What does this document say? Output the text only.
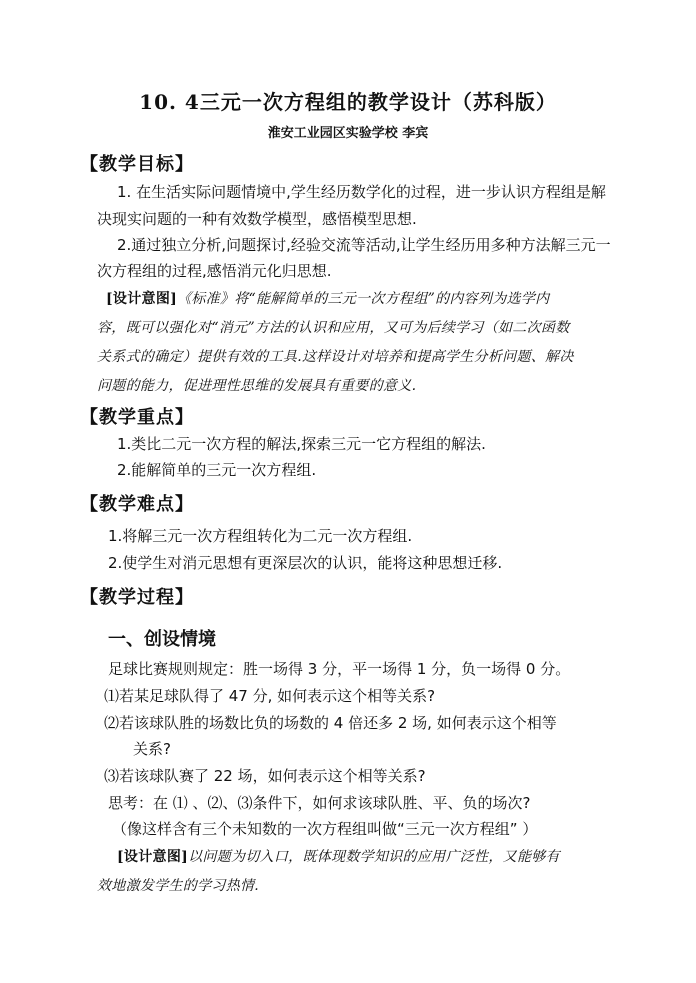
10. 4三元一次方程组的教学设计（苏科版）
淮安工业园区实验学校 李宾
【教学目标】
1. 在生活实际问题情境中,学生经历数学化的过程，进一步认识方程组是解
决现实问题的一种有效数学模型，感悟模型思想.
2.通过独立分析,问题探讨,经验交流等活动,让学生经历用多种方法解三元一
次方程组的过程,感悟消元化归思想.
[设计意图]《标准》将“能解简单的三元一次方程组”的内容列为选学内
容，既可以强化对“消元”方法的认识和应用，又可为后续学习（如二次函数
关系式的确定）提供有效的工具.这样设计对培养和提高学生分析问题、解决
问题的能力，促进理性思维的发展具有重要的意义.
【教学重点】
1.类比二元一次方程的解法,探索三元一它方程组的解法.
2.能解简单的三元一次方程组.
【教学难点】
1.将解三元一次方程组转化为二元一次方程组.
2.使学生对消元思想有更深层次的认识，能将这种思想迁移.
【教学过程】
一、创设情境
足球比赛规则规定：胜一场得 3 分，平一场得 1 分，负一场得 0 分。
⑴若某足球队得了 47 分, 如何表示这个相等关系?
⑵若该球队胜的场数比负的场数的 4 倍还多 2 场, 如何表示这个相等
关系?
⑶若该球队赛了 22 场，如何表示这个相等关系?
思考：在 ⑴ 、⑵、⑶条件下，如何求该球队胜、平、负的场次?
（像这样含有三个未知数的一次方程组叫做“三元一次方程组” ）
[设计意图]以问题为切入口，既体现数学知识的应用广泛性，又能够有
效地激发学生的学习热情.
